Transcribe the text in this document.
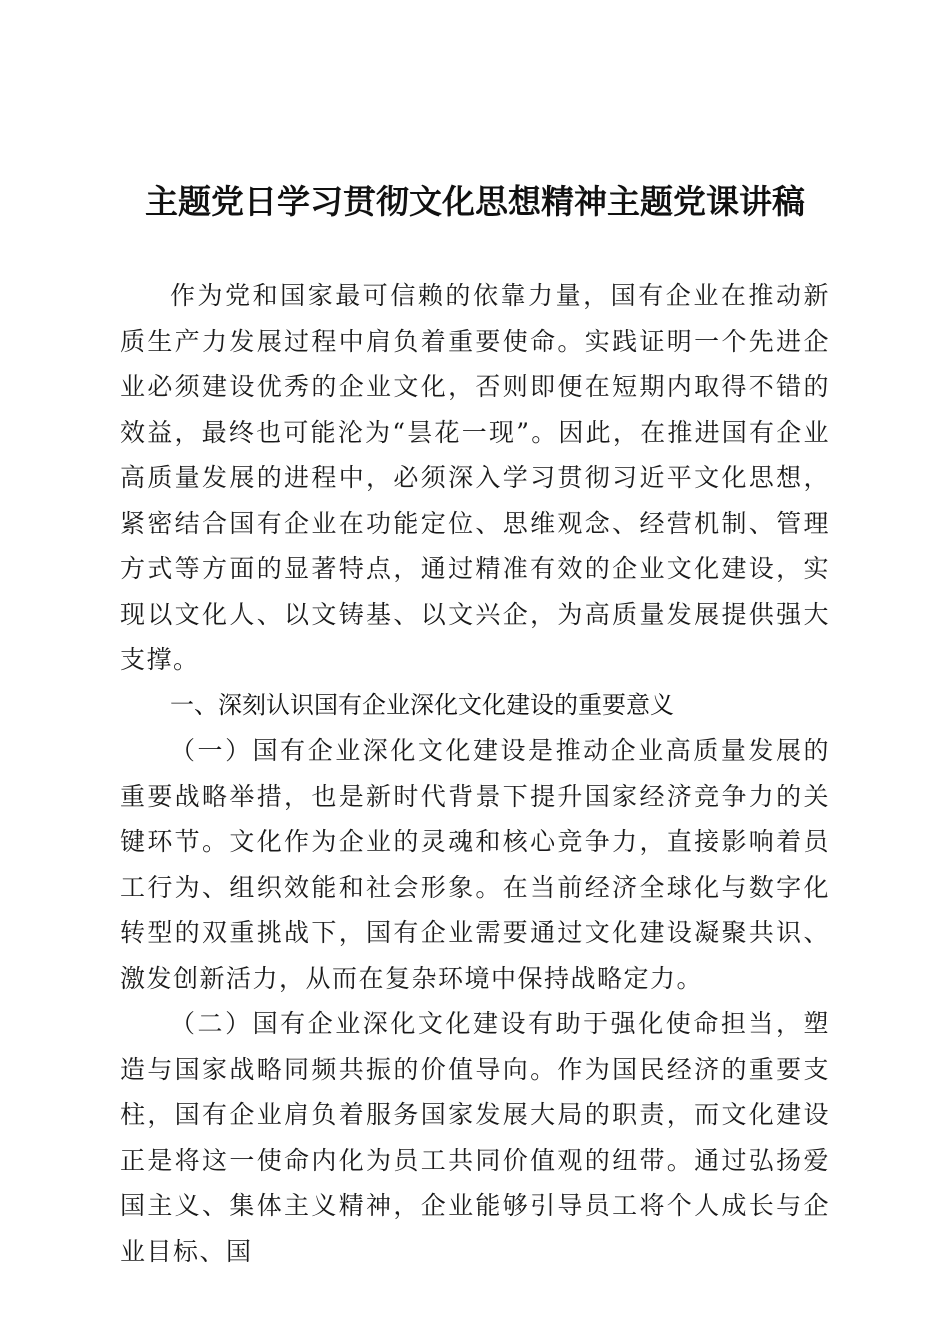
主题党日学习贯彻文化思想精神主题党课讲稿

作为党和国家最可信赖的依靠力量，国有企业在推动新质生产力发展过程中肩负着重要使命。实践证明一个先进企业必须建设优秀的企业文化，否则即便在短期内取得不错的效益，最终也可能沦为“昙花一现”。因此，在推进国有企业高质量发展的进程中，必须深入学习贯彻习近平文化思想，紧密结合国有企业在功能定位、思维观念、经营机制、管理方式等方面的显著特点，通过精准有效的企业文化建设，实现以文化人、以文铸基、以文兴企，为高质量发展提供强大支撑。

一、深刻认识国有企业深化文化建设的重要意义

（一）国有企业深化文化建设是推动企业高质量发展的重要战略举措，也是新时代背景下提升国家经济竞争力的关键环节。文化作为企业的灵魂和核心竞争力，直接影响着员工行为、组织效能和社会形象。在当前经济全球化与数字化转型的双重挑战下，国有企业需要通过文化建设凝聚共识、激发创新活力，从而在复杂环境中保持战略定力。

（二）国有企业深化文化建设有助于强化使命担当，塑造与国家战略同频共振的价值导向。作为国民经济的重要支柱，国有企业肩负着服务国家发展大局的职责，而文化建设正是将这一使命内化为员工共同价值观的纽带。通过弘扬爱国主义、集体主义精神，企业能够引导员工将个人成长与企业目标、国
